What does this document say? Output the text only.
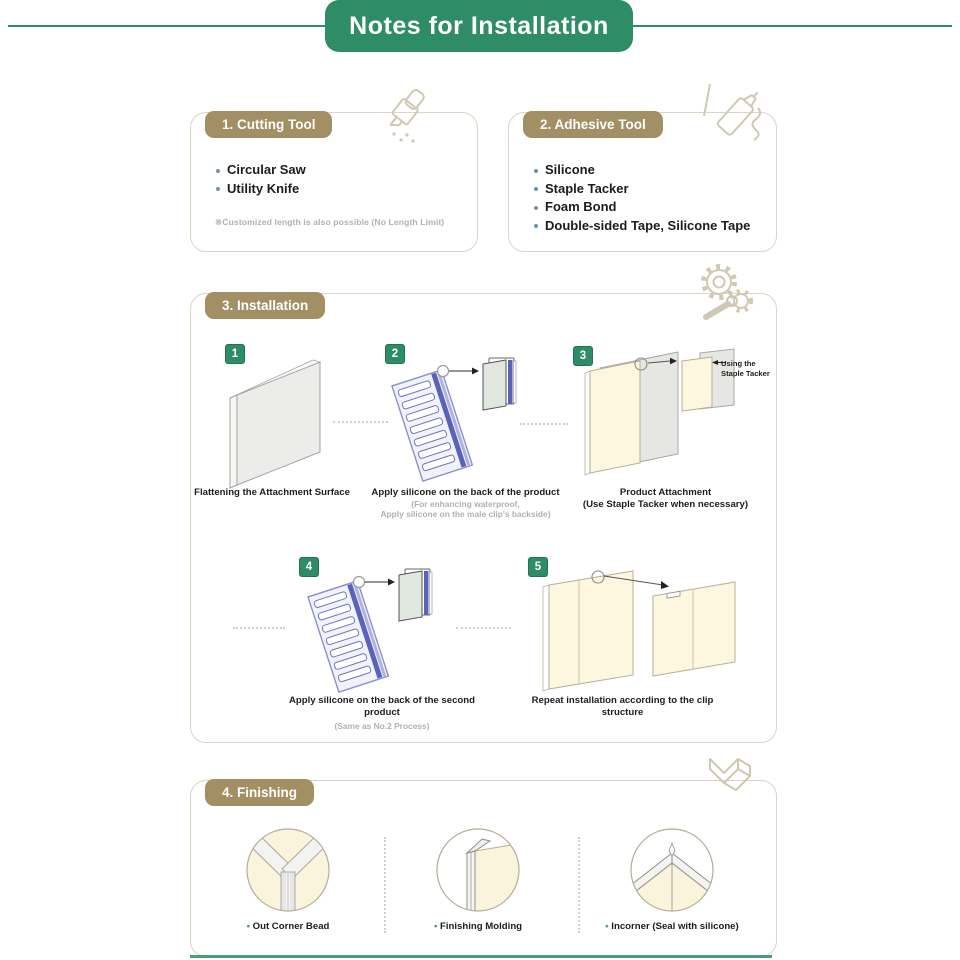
Notes for Installation
1. Cutting Tool
Circular Saw
Utility Knife
※Customized length is also possible (No Length Limit)
2. Adhesive Tool
Silicone
Staple Tacker
Foam Bond
Double-sided Tape, Silicone Tape
3. Installation
1	2	3
4	5
Using the
Staple Tacker
Flattening the Attachment Surface	Apply silicone on the back of the product
(For enhancing waterproof,
Apply silicone on the male clip's backside)
Product Attachment
(Use Staple Tacker when necessary)
Apply silicone on the back of the second product
(Same as No.2 Process)
Repeat installation according to the clip structure
4. Finishing
• Out Corner Bead	• Finishing Molding	• Incorner (Seal with silicone)
